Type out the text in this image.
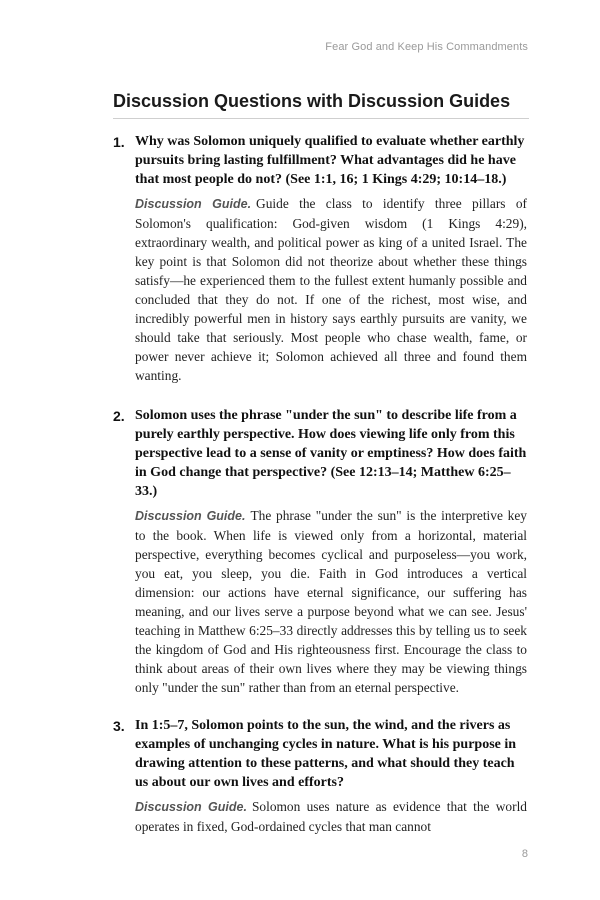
Fear God and Keep His Commandments
Discussion Questions with Discussion Guides
1. Why was Solomon uniquely qualified to evaluate whether earthly pursuits bring lasting fulfillment? What advantages did he have that most people do not? (See 1:1, 16; 1 Kings 4:29; 10:14–18.)

Discussion Guide. Guide the class to identify three pillars of Solomon's qualification: God-given wisdom (1 Kings 4:29), extraordinary wealth, and political power as king of a united Israel. The key point is that Solomon did not theorize about whether these things satisfy—he experienced them to the fullest extent humanly possible and concluded that they do not. If one of the richest, most wise, and incredibly powerful men in history says earthly pursuits are vanity, we should take that seriously. Most people who chase wealth, fame, or power never achieve it; Solomon achieved all three and found them wanting.

2. Solomon uses the phrase "under the sun" to describe life from a purely earthly perspective. How does viewing life only from this perspective lead to a sense of vanity or emptiness? How does faith in God change that perspective? (See 12:13–14; Matthew 6:25–33.)

Discussion Guide. The phrase "under the sun" is the interpretive key to the book. When life is viewed only from a horizontal, material perspective, everything becomes cyclical and purposeless—you work, you eat, you sleep, you die. Faith in God introduces a vertical dimension: our actions have eternal significance, our suffering has meaning, and our lives serve a purpose beyond what we can see. Jesus' teaching in Matthew 6:25–33 directly addresses this by telling us to seek the kingdom of God and His righteousness first. Encourage the class to think about areas of their own lives where they may be viewing things only "under the sun" rather than from an eternal perspective.

3. In 1:5–7, Solomon points to the sun, the wind, and the rivers as examples of unchanging cycles in nature. What is his purpose in drawing attention to these patterns, and what should they teach us about our own lives and efforts?

Discussion Guide. Solomon uses nature as evidence that the world operates in fixed, God-ordained cycles that man cannot

8
